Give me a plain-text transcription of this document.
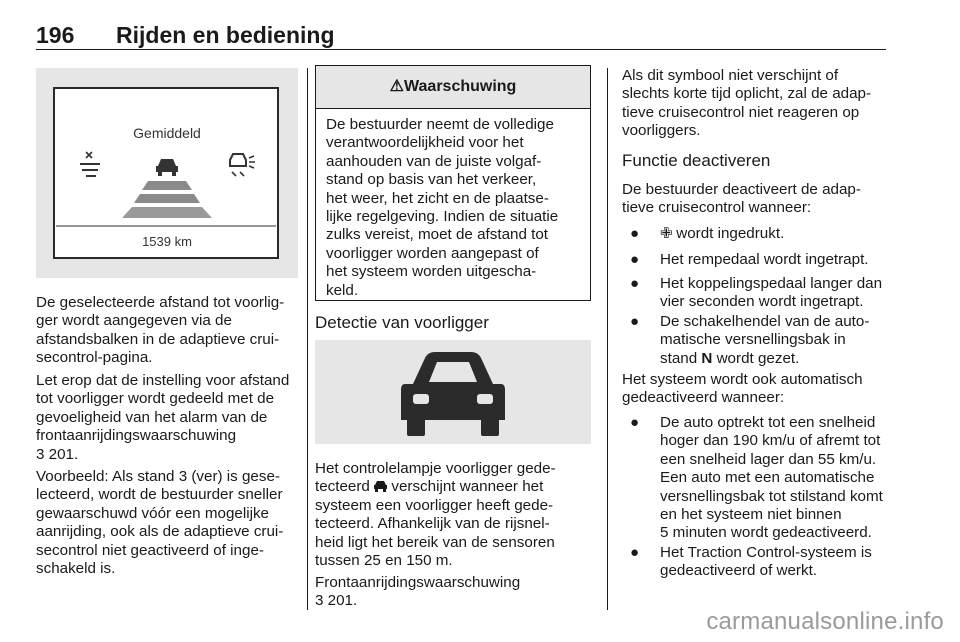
196 Rijden en bediening
Gemiddeld
1539 km

De geselecteerde afstand tot voorlig-
ger wordt aangegeven via de
afstandsbalken in de adaptieve crui-
secontrol-pagina.

Let erop dat de instelling voor afstand
tot voorligger wordt gedeeld met de
gevoeligheid van het alarm van de
frontaanrijdingswaarschuwing
3 201.

Voorbeeld: Als stand 3 (ver) is gese-
lecteerd, wordt de bestuurder sneller
gewaarschuwd vóór een mogelijke
aanrijding, ook als de adaptieve crui-
secontrol niet geactiveerd of inge-
schakeld is.

⚠Waarschuwing
De bestuurder neemt de volledige
verantwoordelijkheid voor het
aanhouden van de juiste volgaf-
stand op basis van het verkeer,
het weer, het zicht en de plaatse-
lijke regelgeving. Indien de situatie
zulks vereist, moet de afstand tot
voorligger worden aangepast of
het systeem worden uitgescha-
keld.
Detectie van voorligger

Het controlelampje voorligger gede-
tecteerd verschijnt wanneer het
systeem een voorligger heeft gede-
tecteerd. Afhankelijk van de rijsnel-
heid ligt het bereik van de sensoren
tussen 25 en 150 m.

Frontaanrijdingswaarschuwing
3 201.

Als dit symbool niet verschijnt of
slechts korte tijd oplicht, zal de adap-
tieve cruisecontrol niet reageren op
voorliggers.

Functie deactiveren

De bestuurder deactiveert de adap-
tieve cruisecontrol wanneer:

● ✙ wordt ingedrukt.
● Het rempedaal wordt ingetrapt.
● Het koppelingspedaal langer dan
vier seconden wordt ingetrapt.
● De schakelhendel van de auto-
matische versnellingsbak in
stand N wordt gezet.

Het systeem wordt ook automatisch
gedeactiveerd wanneer:

● De auto optrekt tot een snelheid
hoger dan 190 km/u of afremt tot
een snelheid lager dan 55 km/u.
Een auto met een automatische
versnellingsbak tot stilstand komt
en het systeem niet binnen
5 minuten wordt gedeactiveerd.
● Het Traction Control-systeem is
gedeactiveerd of werkt.
carmanualsonline.info
